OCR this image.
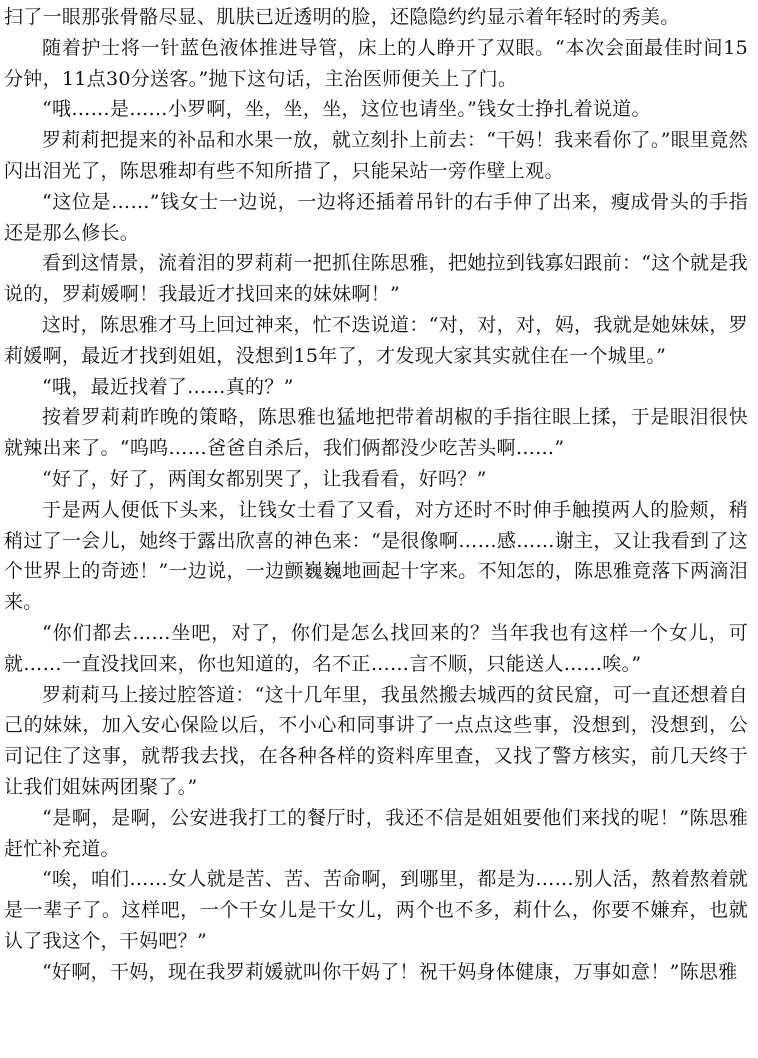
扫了一眼那张骨骼尽显、肌肤已近透明的脸，还隐隐约约显示着年轻时的秀美。

随着护士将一针蓝色液体推进导管，床上的人睁开了双眼。“本次会面最佳时间15分钟，11点30分送客。”抛下这句话，主治医师便关上了门。

“哦……是……小罗啊，坐，坐，坐，这位也请坐。”钱女士挣扎着说道。

罗莉莉把提来的补品和水果一放，就立刻扑上前去：“干妈！我来看你了。”眼里竟然闪出泪光了，陈思雅却有些不知所措了，只能呆站一旁作壁上观。

“这位是……”钱女士一边说，一边将还插着吊针的右手伸了出来，瘦成骨头的手指还是那么修长。

看到这情景，流着泪的罗莉莉一把抓住陈思雅，把她拉到钱寡妇跟前：“这个就是我说的，罗莉媛啊！我最近才找回来的妹妹啊！”

这时，陈思雅才马上回过神来，忙不迭说道：“对，对，对，妈，我就是她妹妹，罗莉媛啊，最近才找到姐姐，没想到15年了，才发现大家其实就住在一个城里。”

“哦，最近找着了……真的？”

按着罗莉莉昨晚的策略，陈思雅也猛地把带着胡椒的手指往眼上揉，于是眼泪很快就辣出来了。“呜呜……爸爸自杀后，我们俩都没少吃苦头啊……”

“好了，好了，两闺女都别哭了，让我看看，好吗？”

于是两人便低下头来，让钱女士看了又看，对方还时不时伸手触摸两人的脸颊，稍稍过了一会儿，她终于露出欣喜的神色来：“是很像啊……感……谢主，又让我看到了这个世界上的奇迹！”一边说，一边颤巍巍地画起十字来。不知怎的，陈思雅竟落下两滴泪来。

“你们都去……坐吧，对了，你们是怎么找回来的？当年我也有这样一个女儿，可就……一直没找回来，你也知道的，名不正……言不顺，只能送人……唉。”

罗莉莉马上接过腔答道：“这十几年里，我虽然搬去城西的贫民窟，可一直还想着自己的妹妹，加入安心保险以后，不小心和同事讲了一点点这些事，没想到，没想到，公司记住了这事，就帮我去找，在各种各样的资料库里查，又找了警方核实，前几天终于让我们姐妹两团聚了。”

“是啊，是啊，公安进我打工的餐厅时，我还不信是姐姐要他们来找的呢！”陈思雅赶忙补充道。

“唉，咱们……女人就是苦、苦、苦命啊，到哪里，都是为……别人活，熬着熬着就是一辈子了。这样吧，一个干女儿是干女儿，两个也不多，莉什么，你要不嫌弃，也就认了我这个，干妈吧？”

“好啊，干妈，现在我罗莉媛就叫你干妈了！祝干妈身体健康，万事如意！”陈思雅
